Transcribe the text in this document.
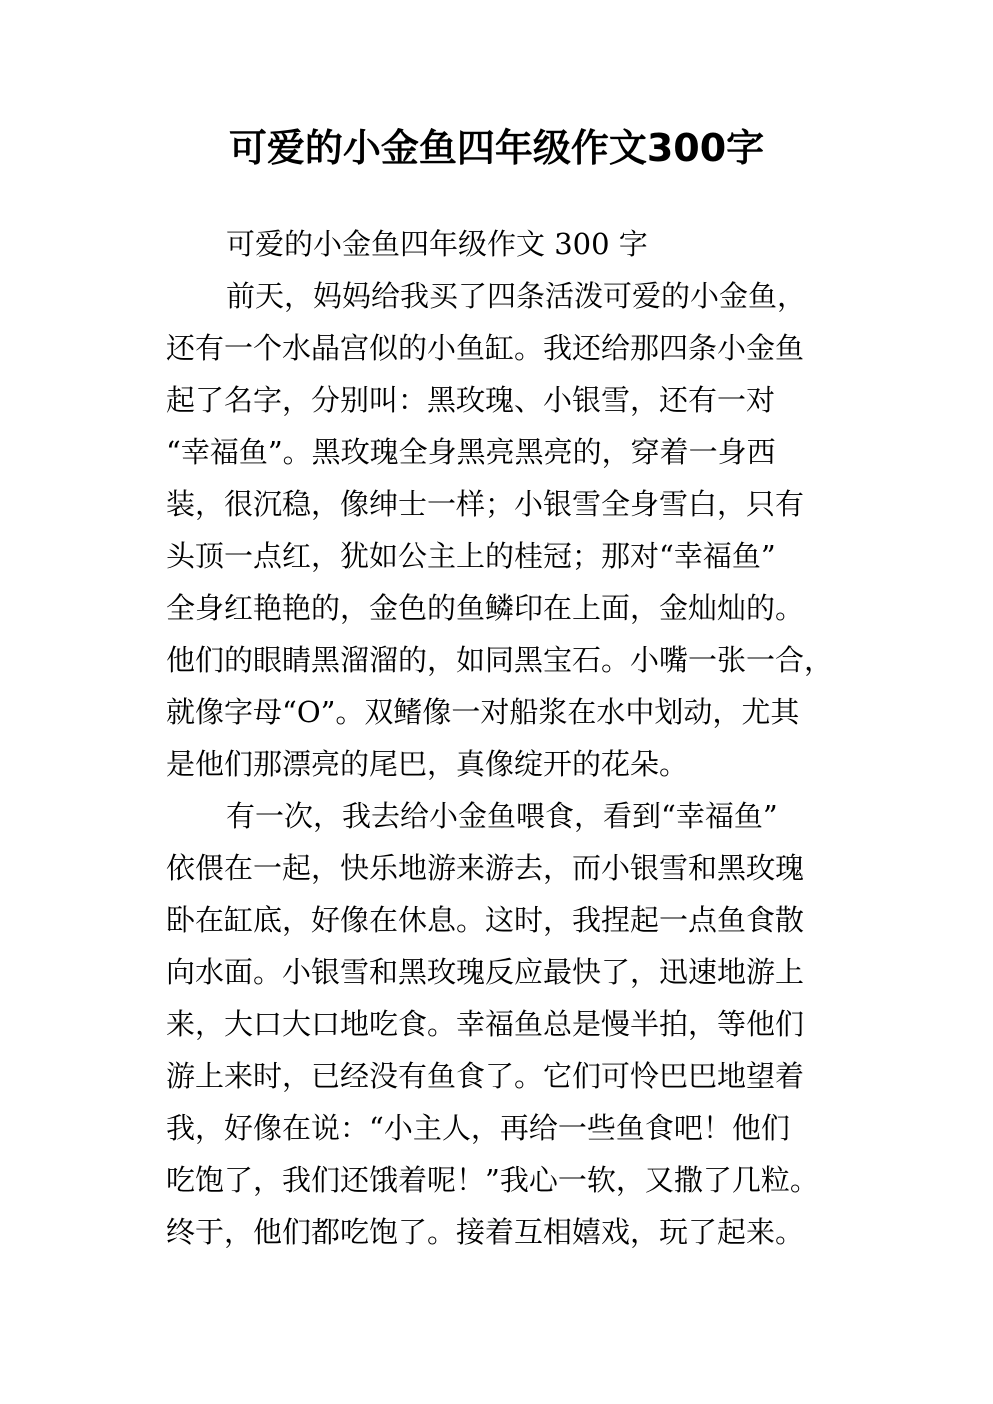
可爱的小金鱼四年级作文300字
可爱的小金鱼四年级作文 300 字
前天，妈妈给我买了四条活泼可爱的小金鱼，
还有一个水晶宫似的小鱼缸。我还给那四条小金鱼
起了名字，分别叫：黑玫瑰、小银雪，还有一对
“幸福鱼”。黑玫瑰全身黑亮黑亮的，穿着一身西
装，很沉稳，像绅士一样；小银雪全身雪白，只有
头顶一点红，犹如公主上的桂冠；那对“幸福鱼”
全身红艳艳的，金色的鱼鳞印在上面，金灿灿的。
他们的眼睛黑溜溜的，如同黑宝石。小嘴一张一合，
就像字母“O”。双鳍像一对船浆在水中划动，尤其
是他们那漂亮的尾巴，真像绽开的花朵。
有一次，我去给小金鱼喂食，看到“幸福鱼”
依偎在一起，快乐地游来游去，而小银雪和黑玫瑰
卧在缸底，好像在休息。这时，我捏起一点鱼食散
向水面。小银雪和黑玫瑰反应最快了，迅速地游上
来，大口大口地吃食。幸福鱼总是慢半拍，等他们
游上来时，已经没有鱼食了。它们可怜巴巴地望着
我，好像在说：“小主人，再给一些鱼食吧！他们
吃饱了，我们还饿着呢！”我心一软，又撒了几粒。
终于，他们都吃饱了。接着互相嬉戏，玩了起来。
